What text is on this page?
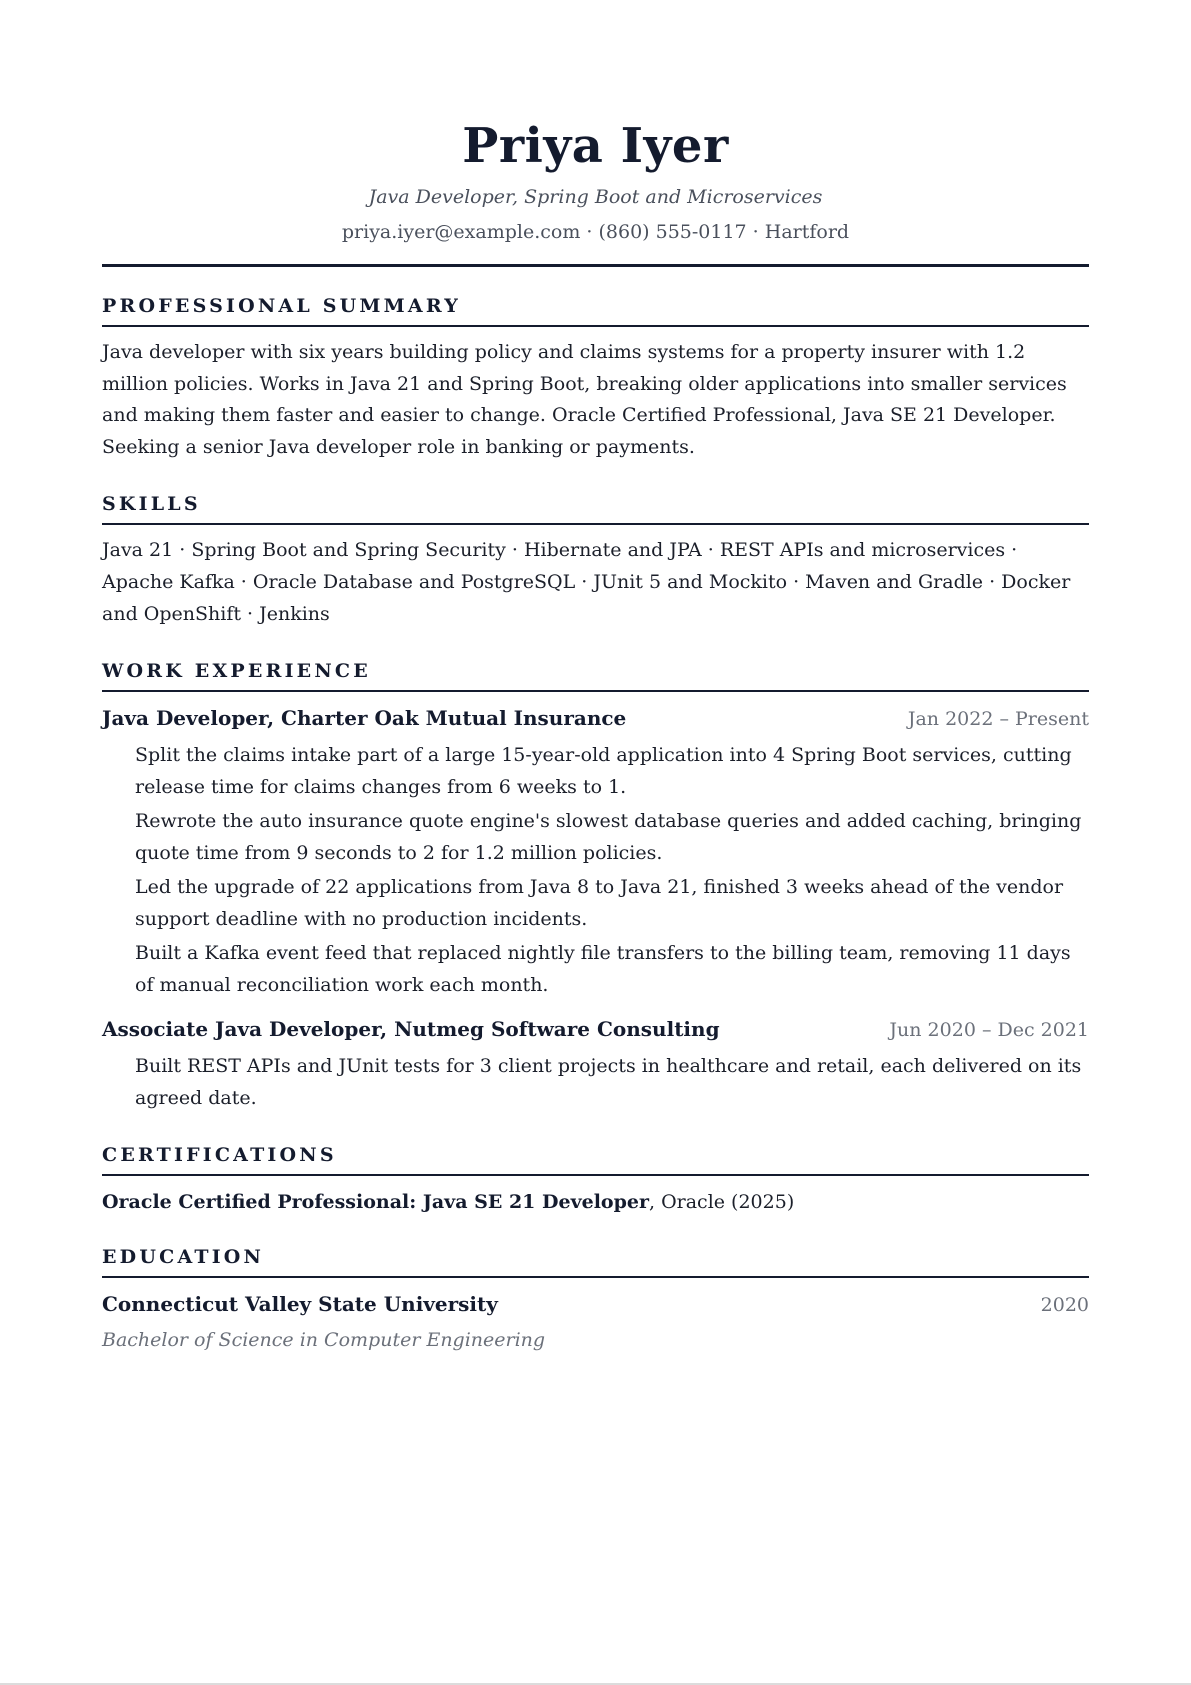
Priya Iyer
Java Developer, Spring Boot and Microservices
priya.iyer@example.com · (860) 555-0117 · Hartford
PROFESSIONAL SUMMARY
Java developer with six years building policy and claims systems for a property insurer with 1.2 million policies. Works in Java 21 and Spring Boot, breaking older applications into smaller services and making them faster and easier to change. Oracle Certified Professional, Java SE 21 Developer. Seeking a senior Java developer role in banking or payments.
SKILLS
Java 21 · Spring Boot and Spring Security · Hibernate and JPA · REST APIs and microservices · Apache Kafka · Oracle Database and PostgreSQL · JUnit 5 and Mockito · Maven and Gradle · Docker and OpenShift · Jenkins
WORK EXPERIENCE
Java Developer, Charter Oak Mutual Insurance	Jan 2022 – Present
Split the claims intake part of a large 15-year-old application into 4 Spring Boot services, cutting release time for claims changes from 6 weeks to 1.
Rewrote the auto insurance quote engine's slowest database queries and added caching, bringing quote time from 9 seconds to 2 for 1.2 million policies.
Led the upgrade of 22 applications from Java 8 to Java 21, finished 3 weeks ahead of the vendor support deadline with no production incidents.
Built a Kafka event feed that replaced nightly file transfers to the billing team, removing 11 days of manual reconciliation work each month.
Associate Java Developer, Nutmeg Software Consulting	Jun 2020 – Dec 2021
Built REST APIs and JUnit tests for 3 client projects in healthcare and retail, each delivered on its agreed date.
CERTIFICATIONS
Oracle Certified Professional: Java SE 21 Developer, Oracle (2025)
EDUCATION
Connecticut Valley State University	2020
Bachelor of Science in Computer Engineering
